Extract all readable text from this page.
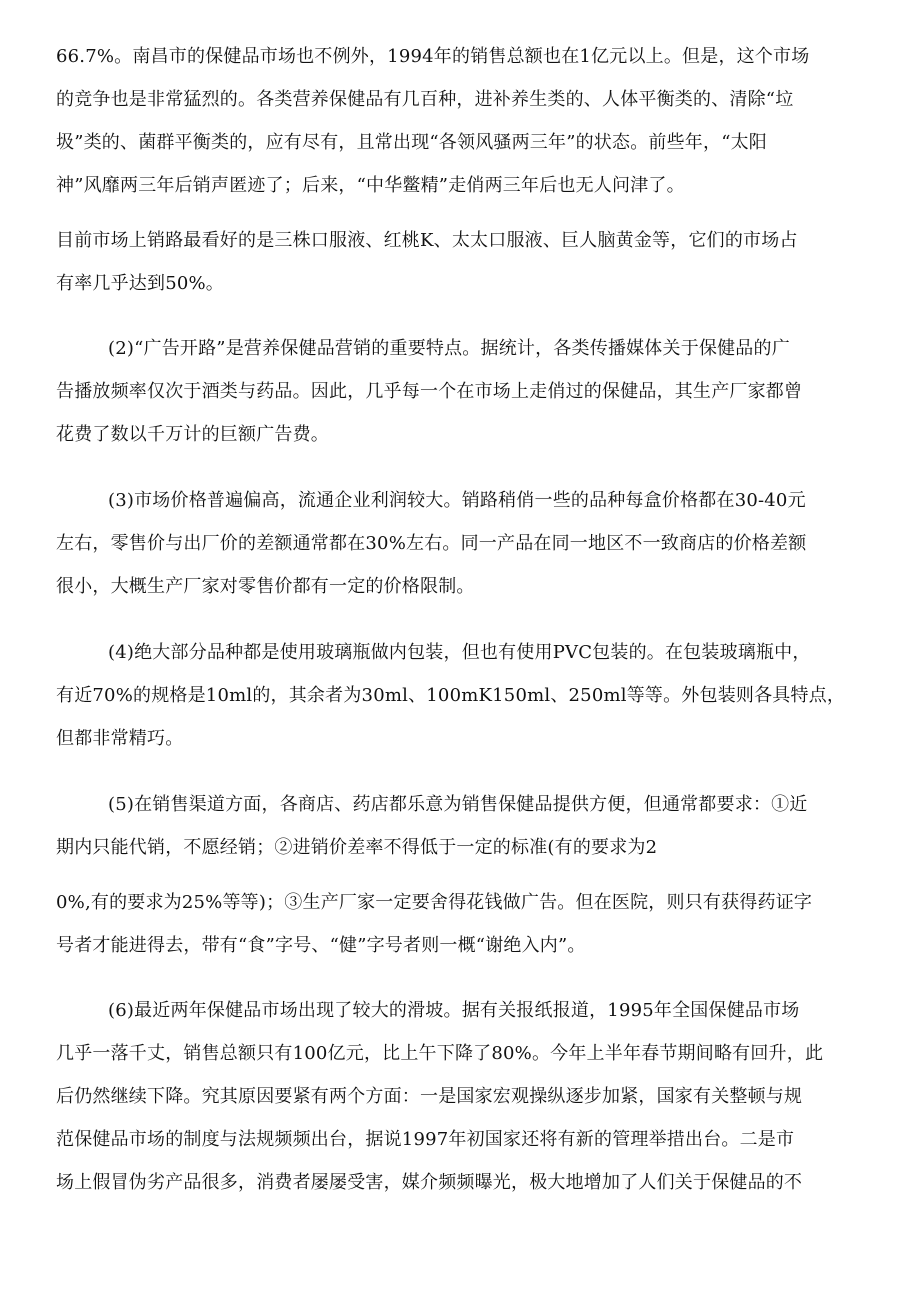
66.7%。南昌市的保健品市场也不例外，1994年的销售总额也在1亿元以上。但是，这个市场
的竞争也是非常猛烈的。各类营养保健品有几百种，进补养生类的、人体平衡类的、清除“垃
圾”类的、菌群平衡类的，应有尽有，且常出现“各领风骚两三年”的状态。前些年，“太阳
神”风靡两三年后销声匿迹了；后来，“中华鳖精”走俏两三年后也无人问津了。
目前市场上销路最看好的是三株口服液、红桃K、太太口服液、巨人脑黄金等，它们的市场占
有率几乎达到50%。
(2)“广告开路”是营养保健品营销的重要特点。据统计，各类传播媒体关于保健品的广
告播放频率仅次于酒类与药品。因此，几乎每一个在市场上走俏过的保健品，其生产厂家都曾
花费了数以千万计的巨额广告费。
(3)市场价格普遍偏高，流通企业利润较大。销路稍俏一些的品种每盒价格都在30-40元
左右，零售价与出厂价的差额通常都在30%左右。同一产品在同一地区不一致商店的价格差额
很小，大概生产厂家对零售价都有一定的价格限制。
(4)绝大部分品种都是使用玻璃瓶做内包装，但也有使用PVC包装的。在包装玻璃瓶中，
有近70%的规格是10ml的，其余者为30ml、100mK150ml、250ml等等。外包装则各具特点，
但都非常精巧。
(5)在销售渠道方面，各商店、药店都乐意为销售保健品提供方便，但通常都要求：①近
期内只能代销，不愿经销；②进销价差率不得低于一定的标准(有的要求为2
0%,有的要求为25%等等)；③生产厂家一定要舍得花钱做广告。但在医院，则只有获得药证字
号者才能进得去，带有“食”字号、“健”字号者则一概“谢绝入内”。
(6)最近两年保健品市场出现了较大的滑坡。据有关报纸报道，1995年全国保健品市场
几乎一落千丈，销售总额只有100亿元，比上午下降了80%。今年上半年春节期间略有回升，此
后仍然继续下降。究其原因要紧有两个方面：一是国家宏观操纵逐步加紧，国家有关整顿与规
范保健品市场的制度与法规频频出台，据说1997年初国家还将有新的管理举措出台。二是市
场上假冒伪劣产品很多，消费者屡屡受害，媒介频频曝光，极大地增加了人们关于保健品的不
